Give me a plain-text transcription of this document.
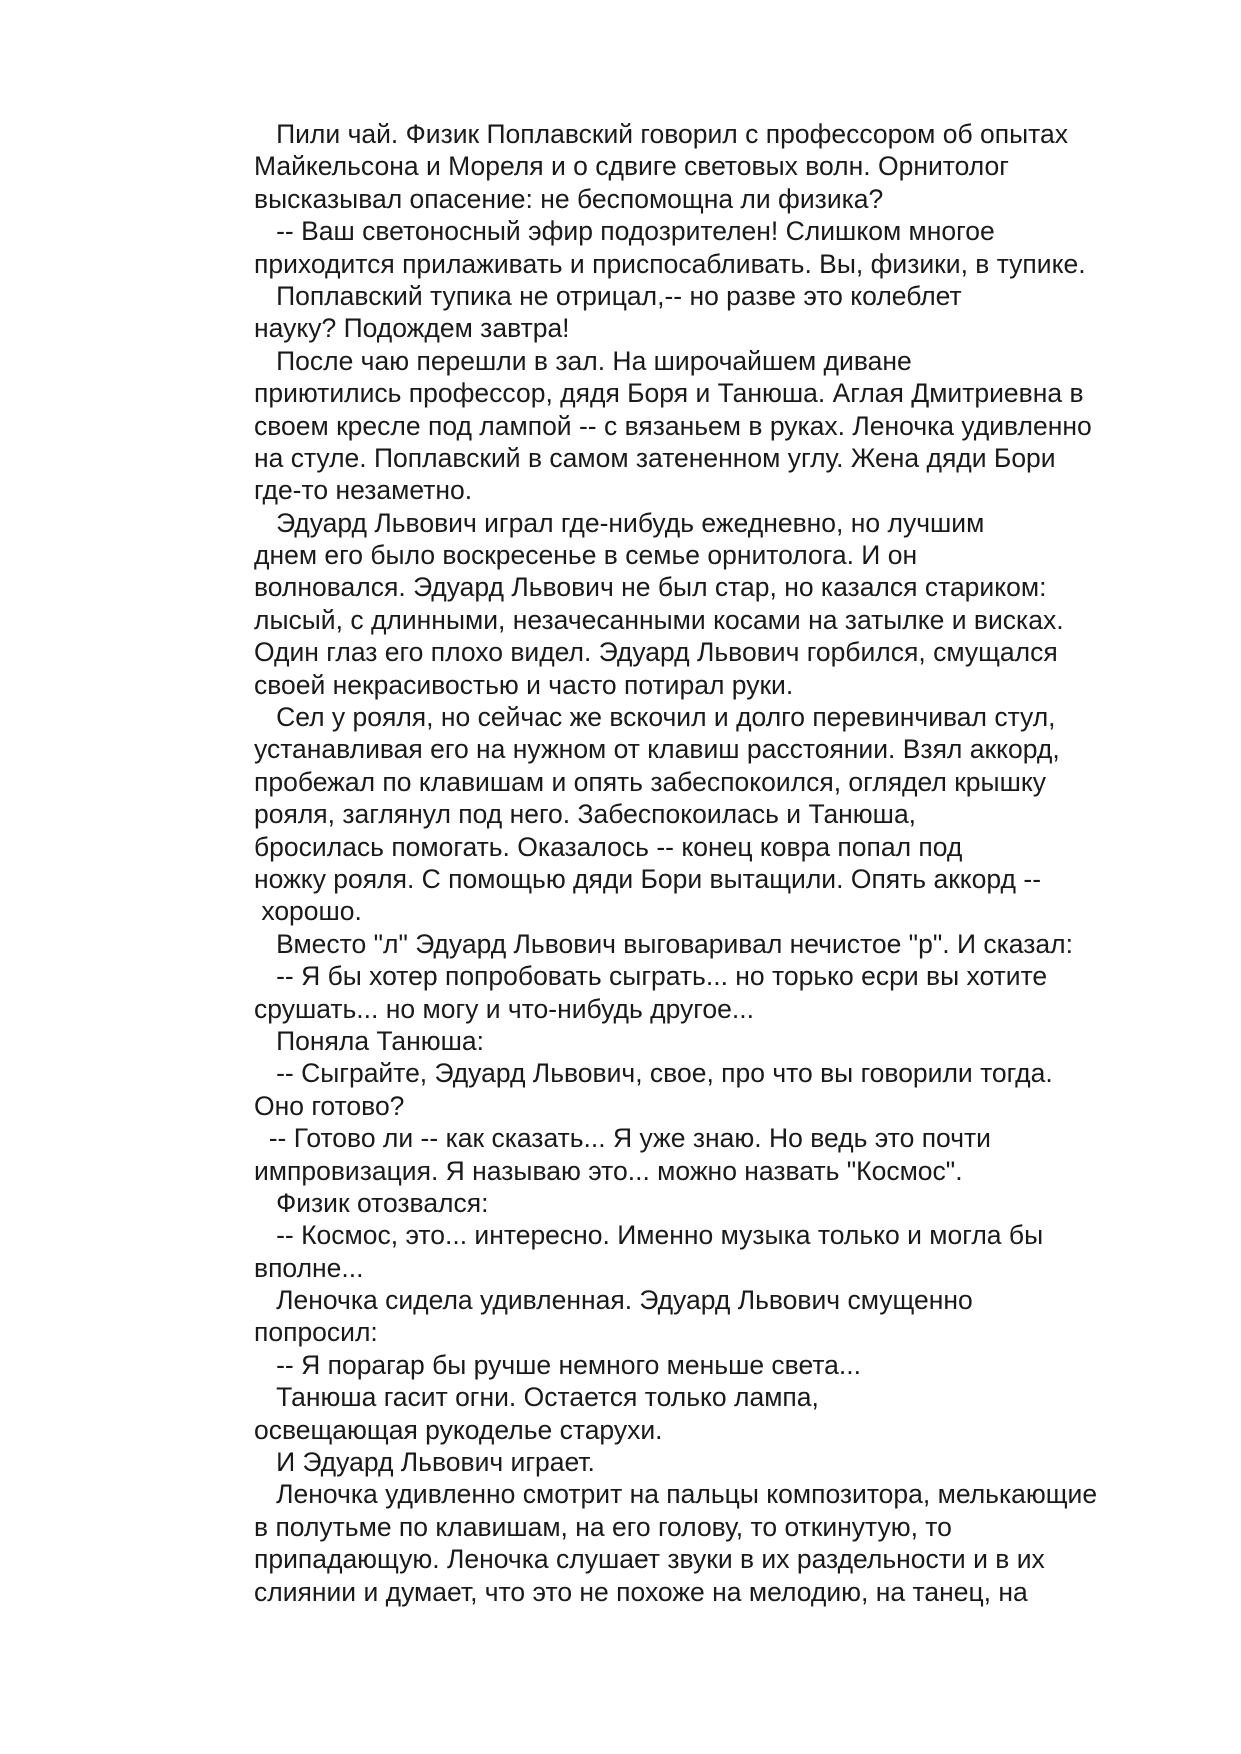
Пили чай. Физик Поплавский говорил с профессором об опытах
Майкельсона и Мореля и о сдвиге световых волн. Орнитолог
высказывал опасение: не беспомощна ли физика?
-- Ваш светоносный эфир подозрителен! Слишком многое
приходится прилаживать и приспосабливать. Вы, физики, в тупике.
Поплавский тупика не отрицал,-- но разве это колеблет
науку? Подождем завтра!
После чаю перешли в зал. На широчайшем диване
приютились профессор, дядя Боря и Танюша. Аглая Дмитриевна в
своем кресле под лампой -- с вязаньем в руках. Леночка удивленно
на стуле. Поплавский в самом затененном углу. Жена дяди Бори
где-то незаметно.
Эдуард Львович играл где-нибудь ежедневно, но лучшим
днем его было воскресенье в семье орнитолога. И он
волновался. Эдуард Львович не был стар, но казался стариком:
лысый, с длинными, незачесанными косами на затылке и висках.
Один глаз его плохо видел. Эдуард Львович горбился, смущался
своей некрасивостью и часто потирал руки.
Сел у рояля, но сейчас же вскочил и долго перевинчивал стул,
устанавливая его на нужном от клавиш расстоянии. Взял аккорд,
пробежал по клавишам и опять забеспокоился, оглядел крышку
рояля, заглянул под него. Забеспокоилась и Танюша,
бросилась помогать. Оказалось -- конец ковра попал под
ножку рояля. С помощью дяди Бори вытащили. Опять аккорд --
хорошо.
Вместо "л" Эдуард Львович выговаривал нечистое "р". И сказал:
-- Я бы хотер попробовать сыграть... но торько есри вы хотите
срушать... но могу и что-нибудь другое...
Поняла Танюша:
-- Сыграйте, Эдуард Львович, свое, про что вы говорили тогда.
Оно готово?
-- Готово ли -- как сказать... Я уже знаю. Но ведь это почти
импровизация. Я называю это... можно назвать "Космос".
Физик отозвался:
-- Космос, это... интересно. Именно музыка только и могла бы
вполне...
Леночка сидела удивленная. Эдуард Львович смущенно
попросил:
-- Я порагар бы ручше немного меньше света...
Танюша гасит огни. Остается только лампа,
освещающая рукоделье старухи.
И Эдуард Львович играет.
Леночка удивленно смотрит на пальцы композитора, мелькающие
в полутьме по клавишам, на его голову, то откинутую, то
припадающую. Леночка слушает звуки в их раздельности и в их
слиянии и думает, что это не похоже на мелодию, на танец, на
